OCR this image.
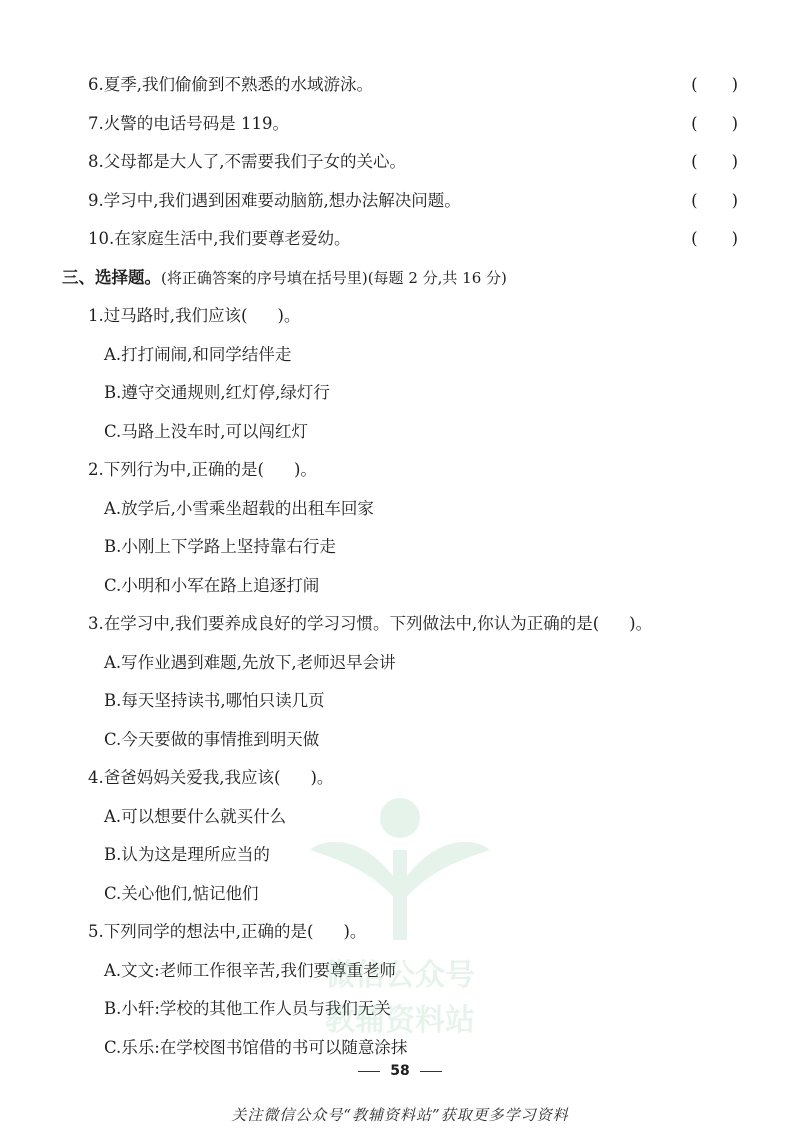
6.夏季,我们偷偷到不熟悉的水域游泳。	( )
7.火警的电话号码是 119。	( )
8.父母都是大人了,不需要我们子女的关心。	( )
9.学习中,我们遇到困难要动脑筋,想办法解决问题。	( )
10.在家庭生活中,我们要尊老爱幼。	( )
三、选择题。(将正确答案的序号填在括号里)(每题 2 分,共 16 分)
1.过马路时,我们应该( )。
A.打打闹闹,和同学结伴走
B.遵守交通规则,红灯停,绿灯行
C.马路上没车时,可以闯红灯
2.下列行为中,正确的是( )。
A.放学后,小雪乘坐超载的出租车回家
B.小刚上下学路上坚持靠右行走
C.小明和小军在路上追逐打闹
3.在学习中,我们要养成良好的学习习惯。下列做法中,你认为正确的是( )。
A.写作业遇到难题,先放下,老师迟早会讲
B.每天坚持读书,哪怕只读几页
C.今天要做的事情推到明天做
4.爸爸妈妈关爱我,我应该( )。
A.可以想要什么就买什么
B.认为这是理所应当的
C.关心他们,惦记他们
5.下列同学的想法中,正确的是( )。
A.文文:老师工作很辛苦,我们要尊重老师
B.小轩:学校的其他工作人员与我们无关
C.乐乐:在学校图书馆借的书可以随意涂抹
微信公众号
教辅资料站
58
关注微信公众号“教辅资料站”获取更多学习资料
